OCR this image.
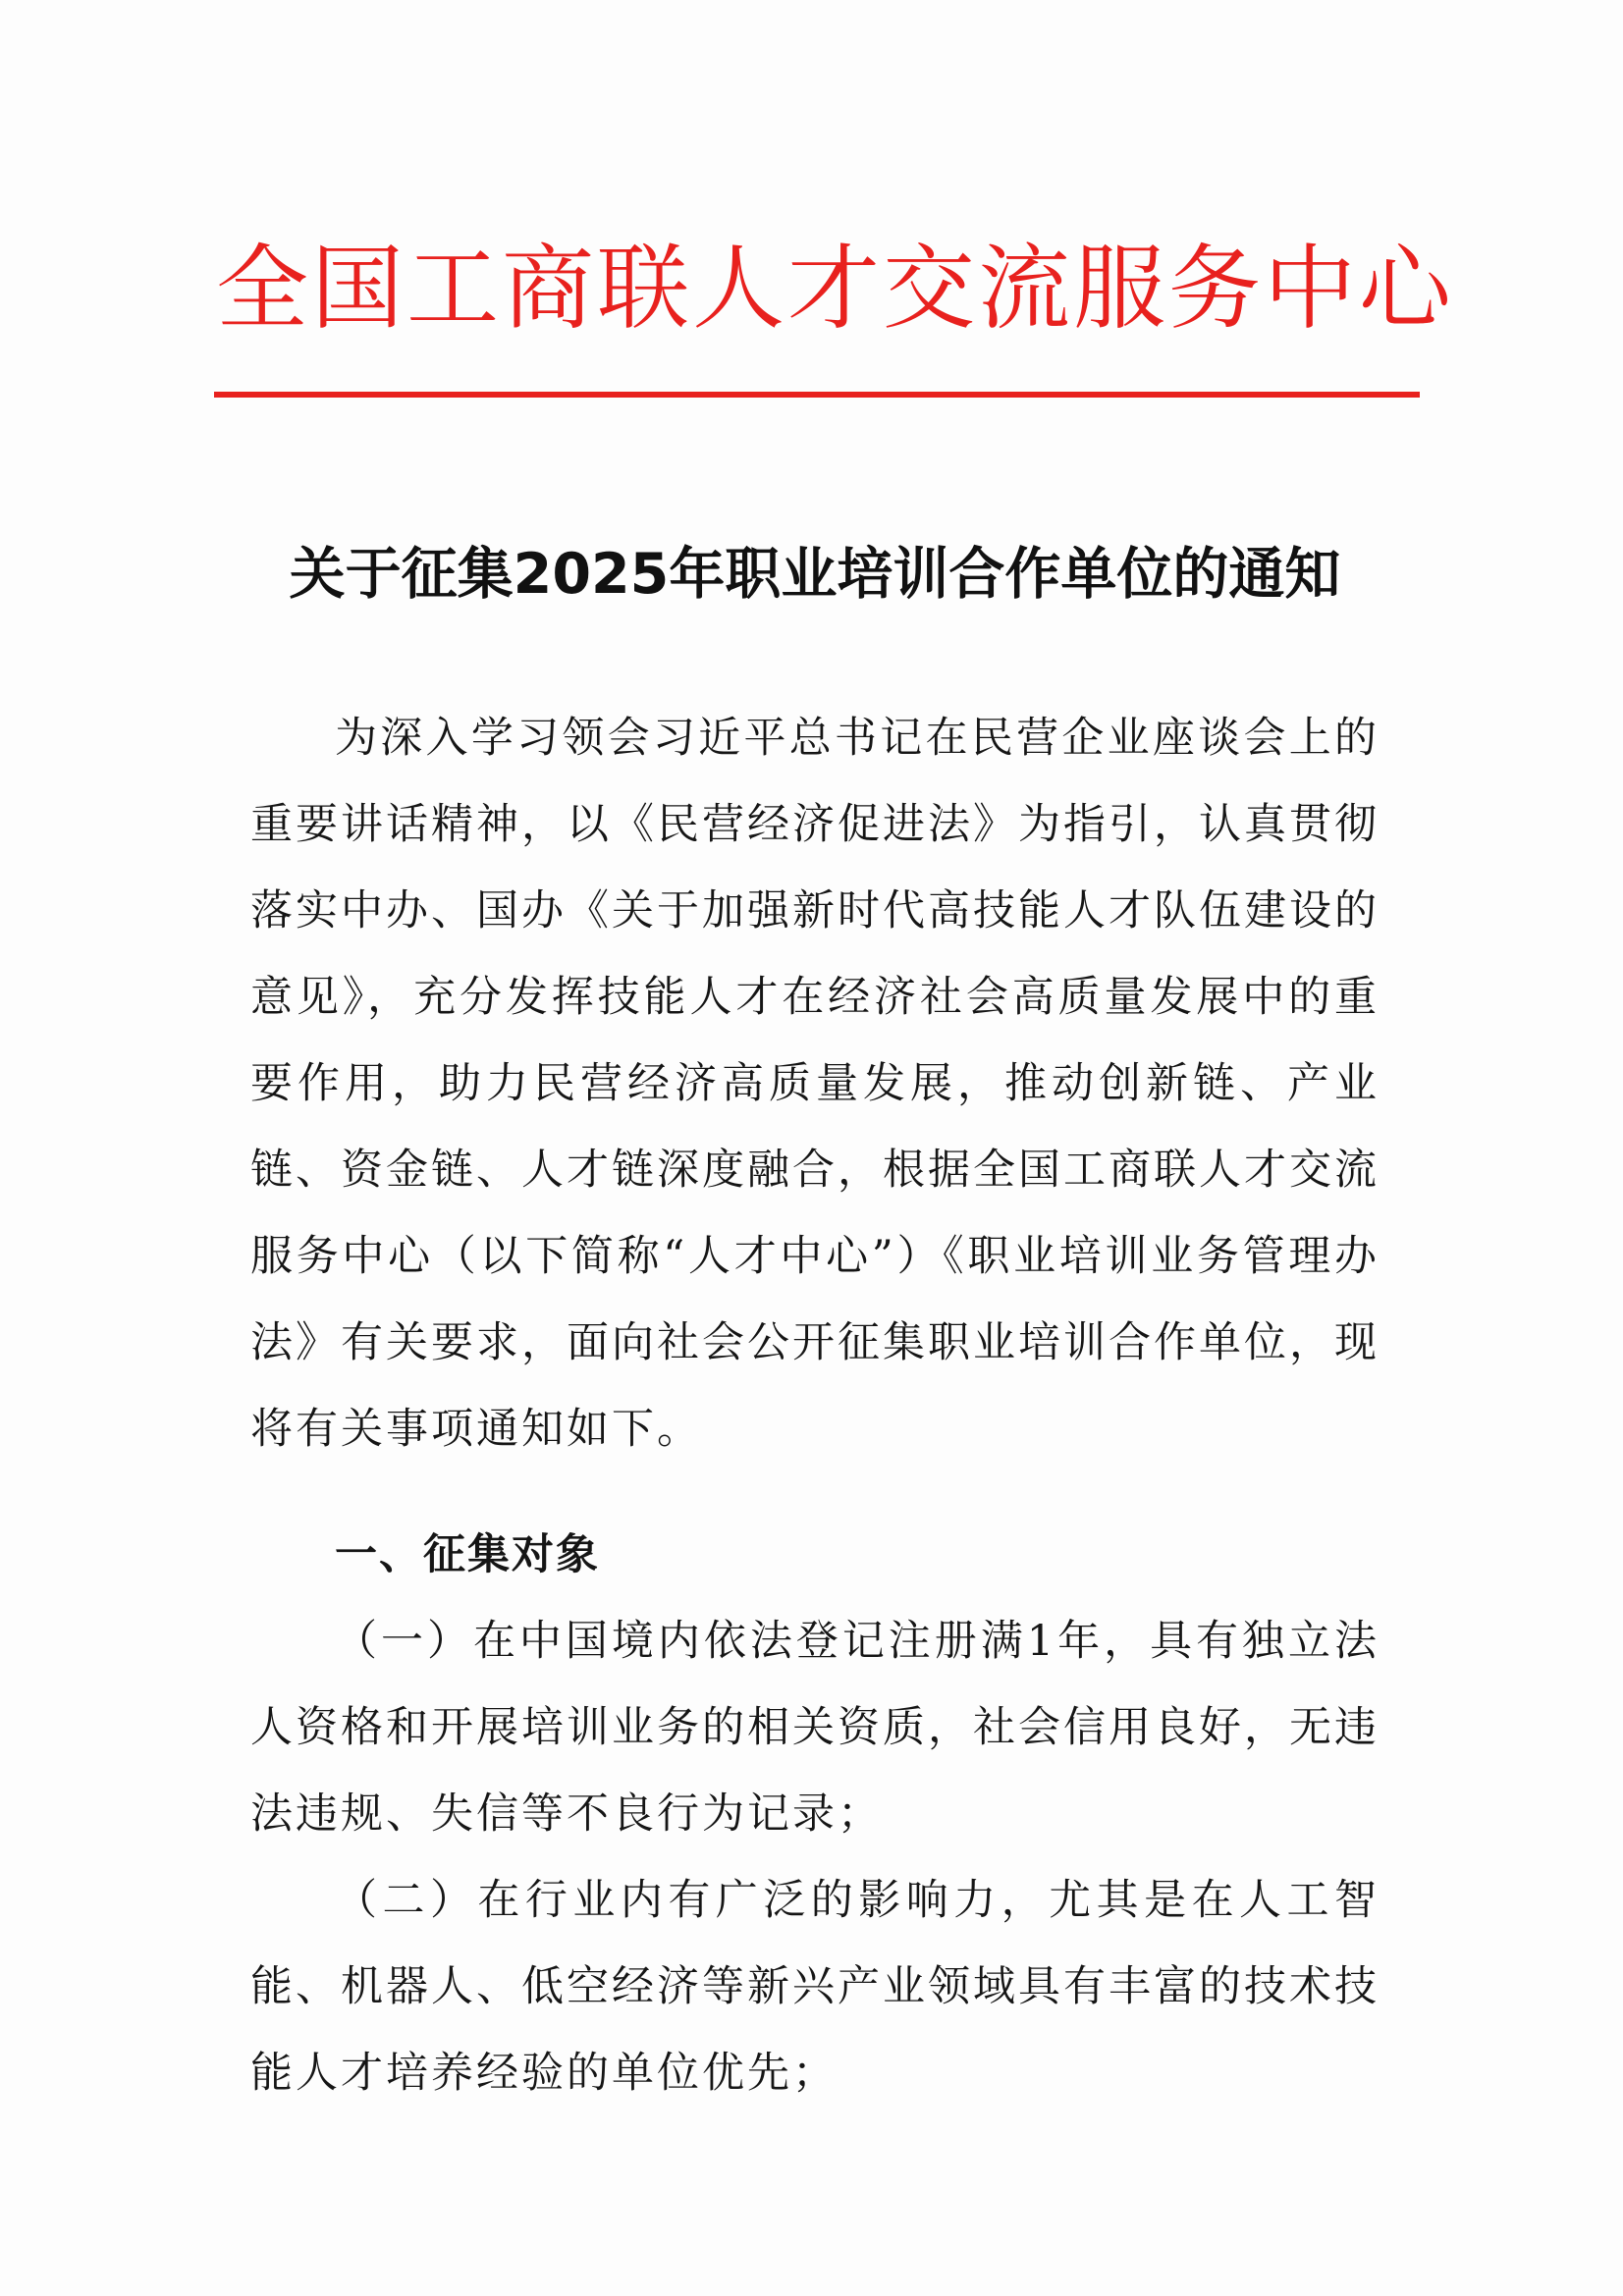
全国工商联人才交流服务中心
关于征集2025年职业培训合作单位的通知

为深入学习领会习近平总书记在民营企业座谈会上的重要讲话精神，以《民营经济促进法》为指引，认真贯彻落实中办、国办《关于加强新时代高技能人才队伍建设的意见》，充分发挥技能人才在经济社会高质量发展中的重要作用，助力民营经济高质量发展，推动创新链、产业链、资金链、人才链深度融合，根据全国工商联人才交流服务中心（以下简称“人才中心”）《职业培训业务管理办法》有关要求，面向社会公开征集职业培训合作单位，现将有关事项通知如下。

一、征集对象

（一）在中国境内依法登记注册满1年，具有独立法人资格和开展培训业务的相关资质，社会信用良好，无违法违规、失信等不良行为记录；

（二）在行业内有广泛的影响力，尤其是在人工智能、机器人、低空经济等新兴产业领域具有丰富的技术技能人才培养经验的单位优先；
